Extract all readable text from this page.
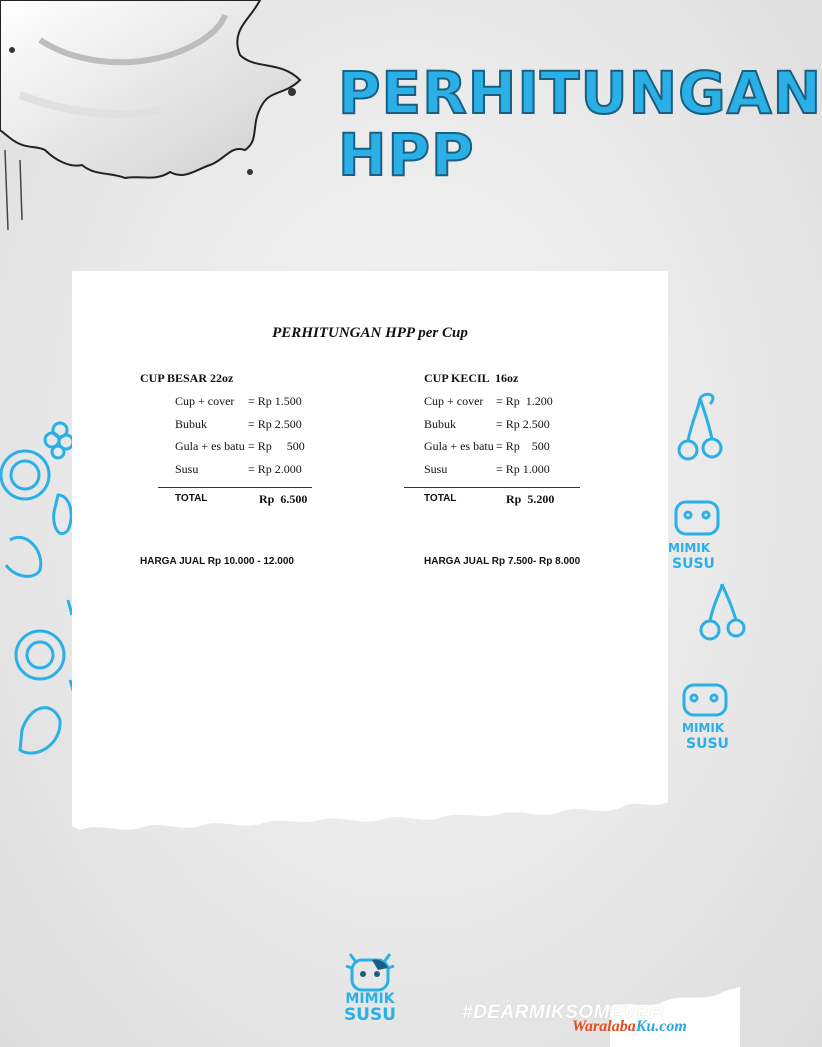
PERHITUNGAN
HPP
MIMIK
SUSU
MIMIK
SUSU
PERHITUNGAN HPP per Cup
CUP BESAR 22oz
Cup + cover = Rp 1.500
Bubuk	= Rp 2.500
Gula + es batu = Rp     500
Susu	= Rp 2.000
TOTAL	Rp  6.500
CUP KECIL  16oz
Cup + cover = Rp  1.200
Bubuk	= Rp 2.500
Gula + es batu = Rp    500
Susu	= Rp 1.000
TOTAL	Rp  5.200
HARGA JUAL Rp 10.000 - 12.000	HARGA JUAL Rp 7.500- Rp 8.000
MIMIK
SUSU	#DEARMIKSOMEVER
WaralabaKu.com
